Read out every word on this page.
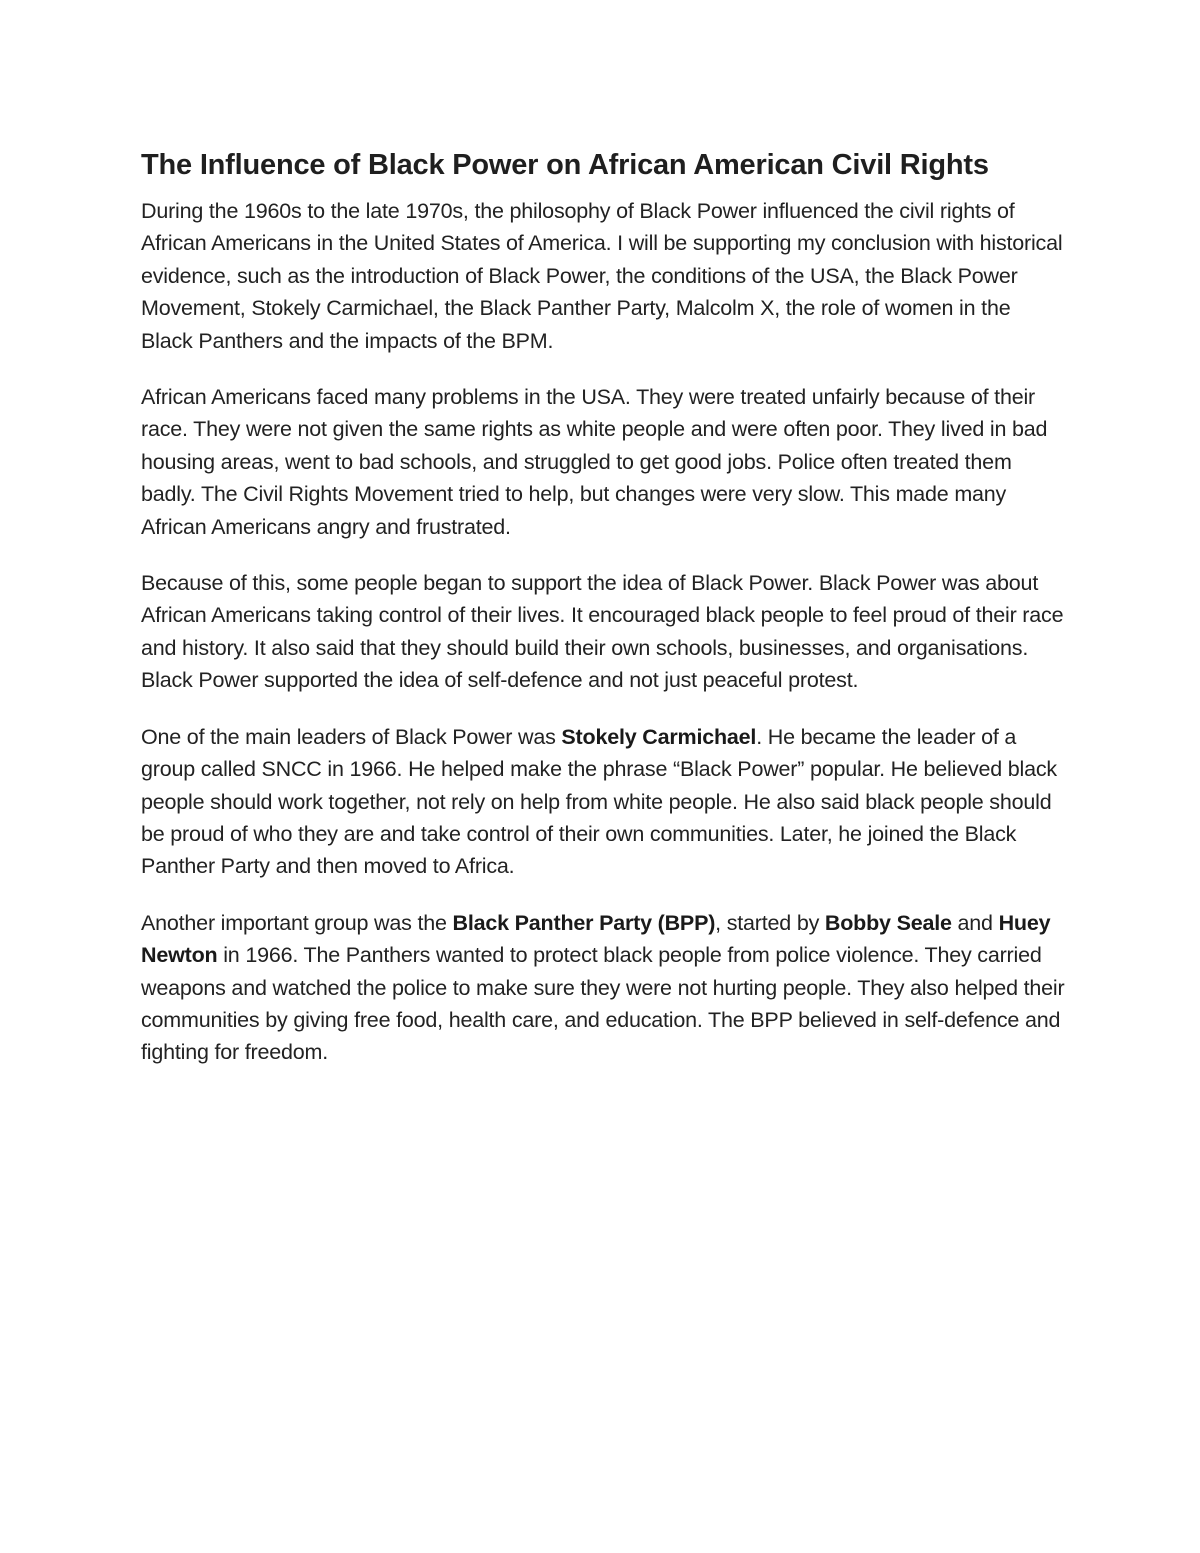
The Influence of Black Power on African American Civil Rights

During the 1960s to the late 1970s, the philosophy of Black Power influenced the civil rights of African Americans in the United States of America. I will be supporting my conclusion with historical evidence, such as the introduction of Black Power, the conditions of the USA, the Black Power Movement, Stokely Carmichael, the Black Panther Party, Malcolm X, the role of women in the Black Panthers and the impacts of the BPM.

African Americans faced many problems in the USA. They were treated unfairly because of their race. They were not given the same rights as white people and were often poor. They lived in bad housing areas, went to bad schools, and struggled to get good jobs. Police often treated them badly. The Civil Rights Movement tried to help, but changes were very slow. This made many African Americans angry and frustrated.

Because of this, some people began to support the idea of Black Power. Black Power was about African Americans taking control of their lives. It encouraged black people to feel proud of their race and history. It also said that they should build their own schools, businesses, and organisations. Black Power supported the idea of self-defence and not just peaceful protest.

One of the main leaders of Black Power was Stokely Carmichael. He became the leader of a group called SNCC in 1966. He helped make the phrase “Black Power” popular. He believed black people should work together, not rely on help from white people. He also said black people should be proud of who they are and take control of their own communities. Later, he joined the Black Panther Party and then moved to Africa.

Another important group was the Black Panther Party (BPP), started by Bobby Seale and Huey Newton in 1966. The Panthers wanted to protect black people from police violence. They carried weapons and watched the police to make sure they were not hurting people. They also helped their communities by giving free food, health care, and education. The BPP believed in self-defence and fighting for freedom.
